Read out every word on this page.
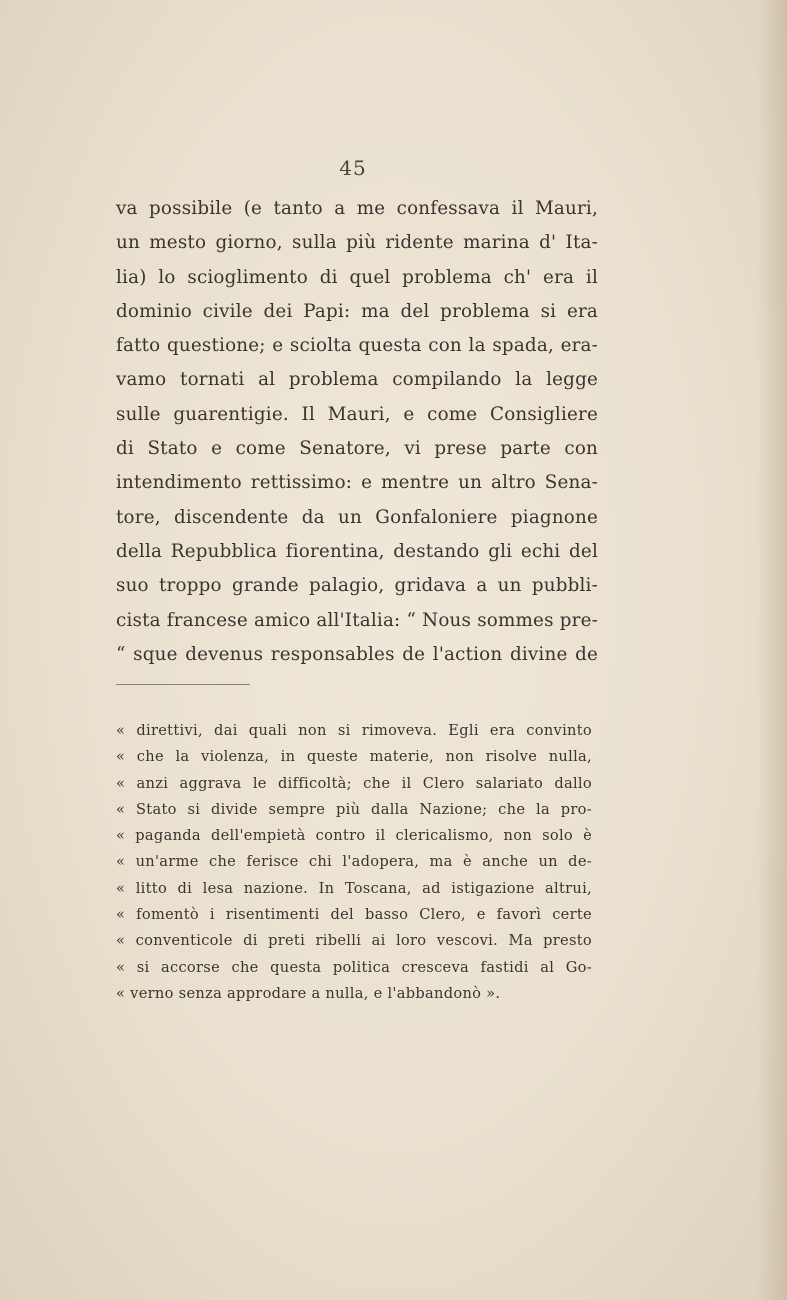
45
va possibile (e tanto a me confessava il Mauri,
un mesto giorno, sulla più ridente marina d' Ita-
lia) lo scioglimento di quel problema ch' era il
dominio civile dei Papi: ma del problema si era
fatto questione; e sciolta questa con la spada, era-
vamo tornati al problema compilando la legge
sulle guarentigie. Il Mauri, e come Consigliere
di Stato e come Senatore, vi prese parte con
intendimento rettissimo: e mentre un altro Sena-
tore, discendente da un Gonfaloniere piagnone
della Repubblica fiorentina, destando gli echi del
suo troppo grande palagio, gridava a un pubbli-
cista francese amico all'Italia: “ Nous sommes pre-
“ sque devenus responsables de l'action divine de
« direttivi, dai quali non si rimoveva. Egli era convinto
« che la violenza, in queste materie, non risolve nulla,
« anzi aggrava le difficoltà; che il Clero salariato dallo
« Stato si divide sempre più dalla Nazione; che la pro-
« paganda dell'empietà contro il clericalismo, non solo è
« un'arme che ferisce chi l'adopera, ma è anche un de-
« litto di lesa nazione. In Toscana, ad istigazione altrui,
« fomentò i risentimenti del basso Clero, e favorì certe
« conventicole di preti ribelli ai loro vescovi. Ma presto
« si accorse che questa politica cresceva fastidi al Go-
« verno senza approdare a nulla, e l'abbandonò ».
